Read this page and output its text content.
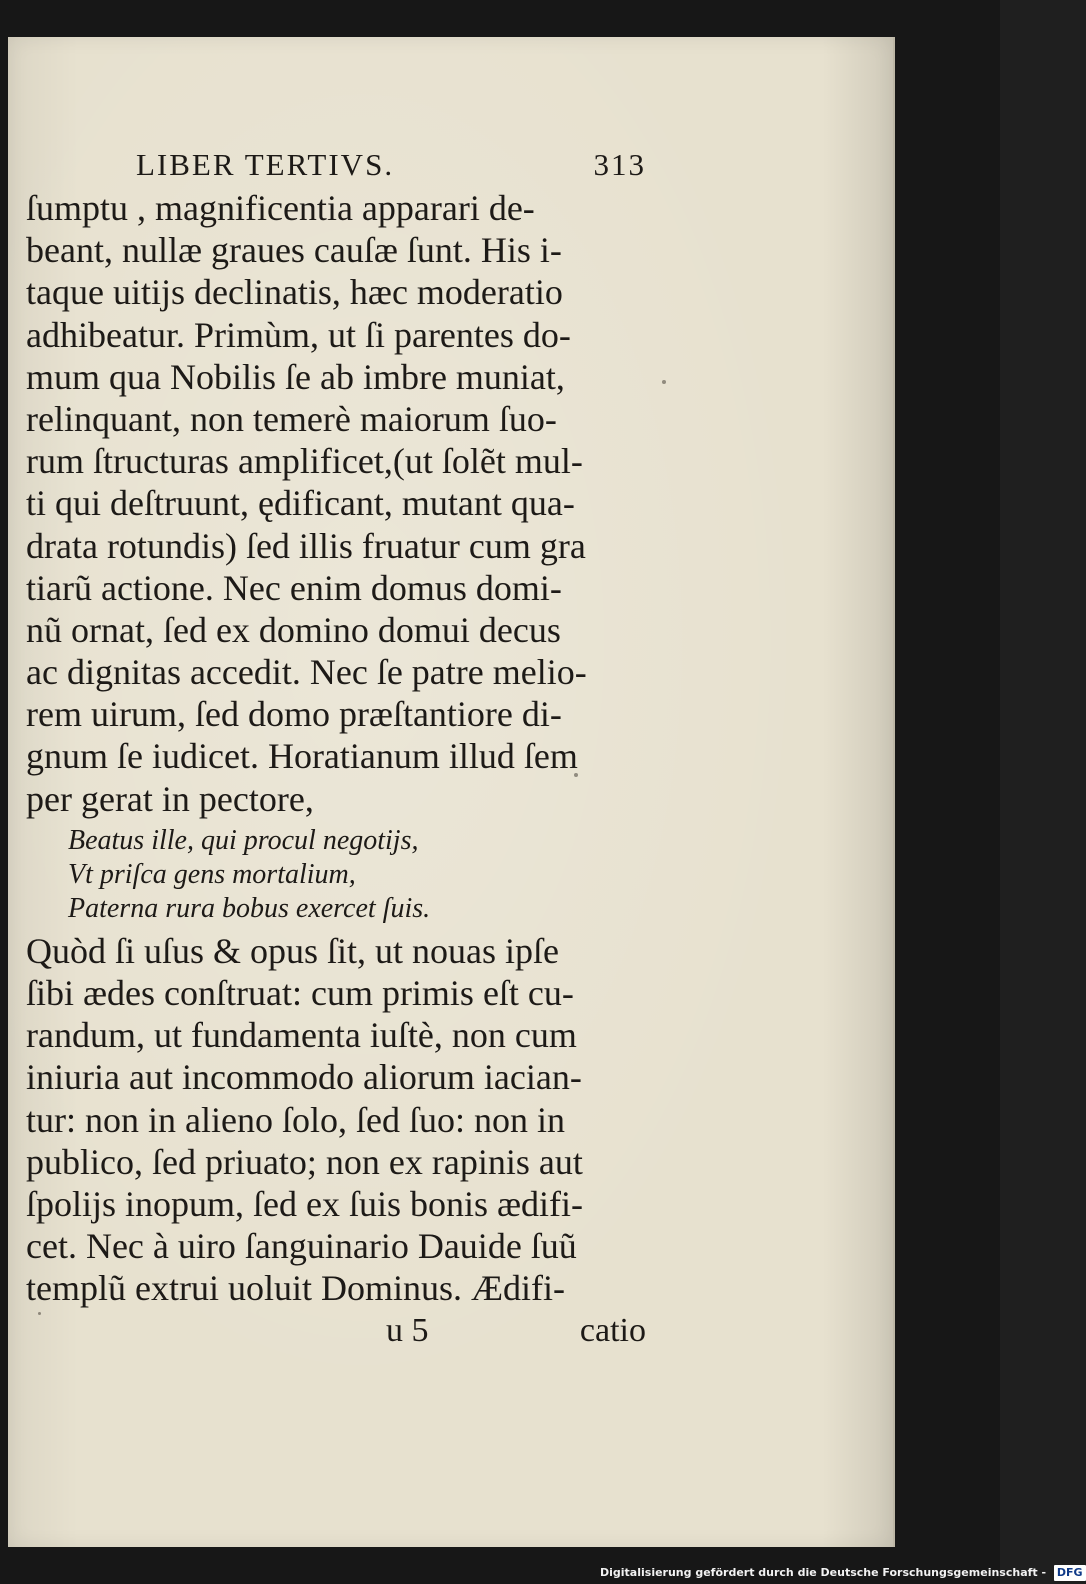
LIBER TERTIVS.	313
ſumptu , magnificentia apparari de-
beant, nullæ graues cauſæ ſunt. His i-
taque uitijs declinatis, hæc moderatio
adhibeatur. Primùm, ut ſi parentes do-
mum qua Nobilis ſe ab imbre muniat,
relinquant, non temerè maiorum ſuo-
rum ſtructuras amplificet,(ut ſolẽt mul-
ti qui deſtruunt, ędificant, mutant qua-
drata rotundis) ſed illis fruatur cum gra
tiarũ actione. Nec enim domus domi-
nũ ornat, ſed ex domino domui decus
ac dignitas accedit. Nec ſe patre melio-
rem uirum, ſed domo præſtantiore di-
gnum ſe iudicet. Horatianum illud ſem
per gerat in pectore,
Beatus ille, qui procul negotijs,
Vt priſca gens mortalium,
Paterna rura bobus exercet ſuis.
Quòd ſi uſus & opus ſit, ut nouas ipſe
ſibi ædes conſtruat: cum primis eſt cu-
randum, ut fundamenta iuſtè, non cum
iniuria aut incommodo aliorum iacian-
tur: non in alieno ſolo, ſed ſuo: non in
publico, ſed priuato; non ex rapinis aut
ſpolijs inopum, ſed ex ſuis bonis ædifi-
cet. Nec à uiro ſanguinario Dauide ſuũ
templũ extrui uoluit Dominus. Ædifi-
u 5	catio
Digitalisierung gefördert durch die Deutsche Forschungsgemeinschaft - DFG
